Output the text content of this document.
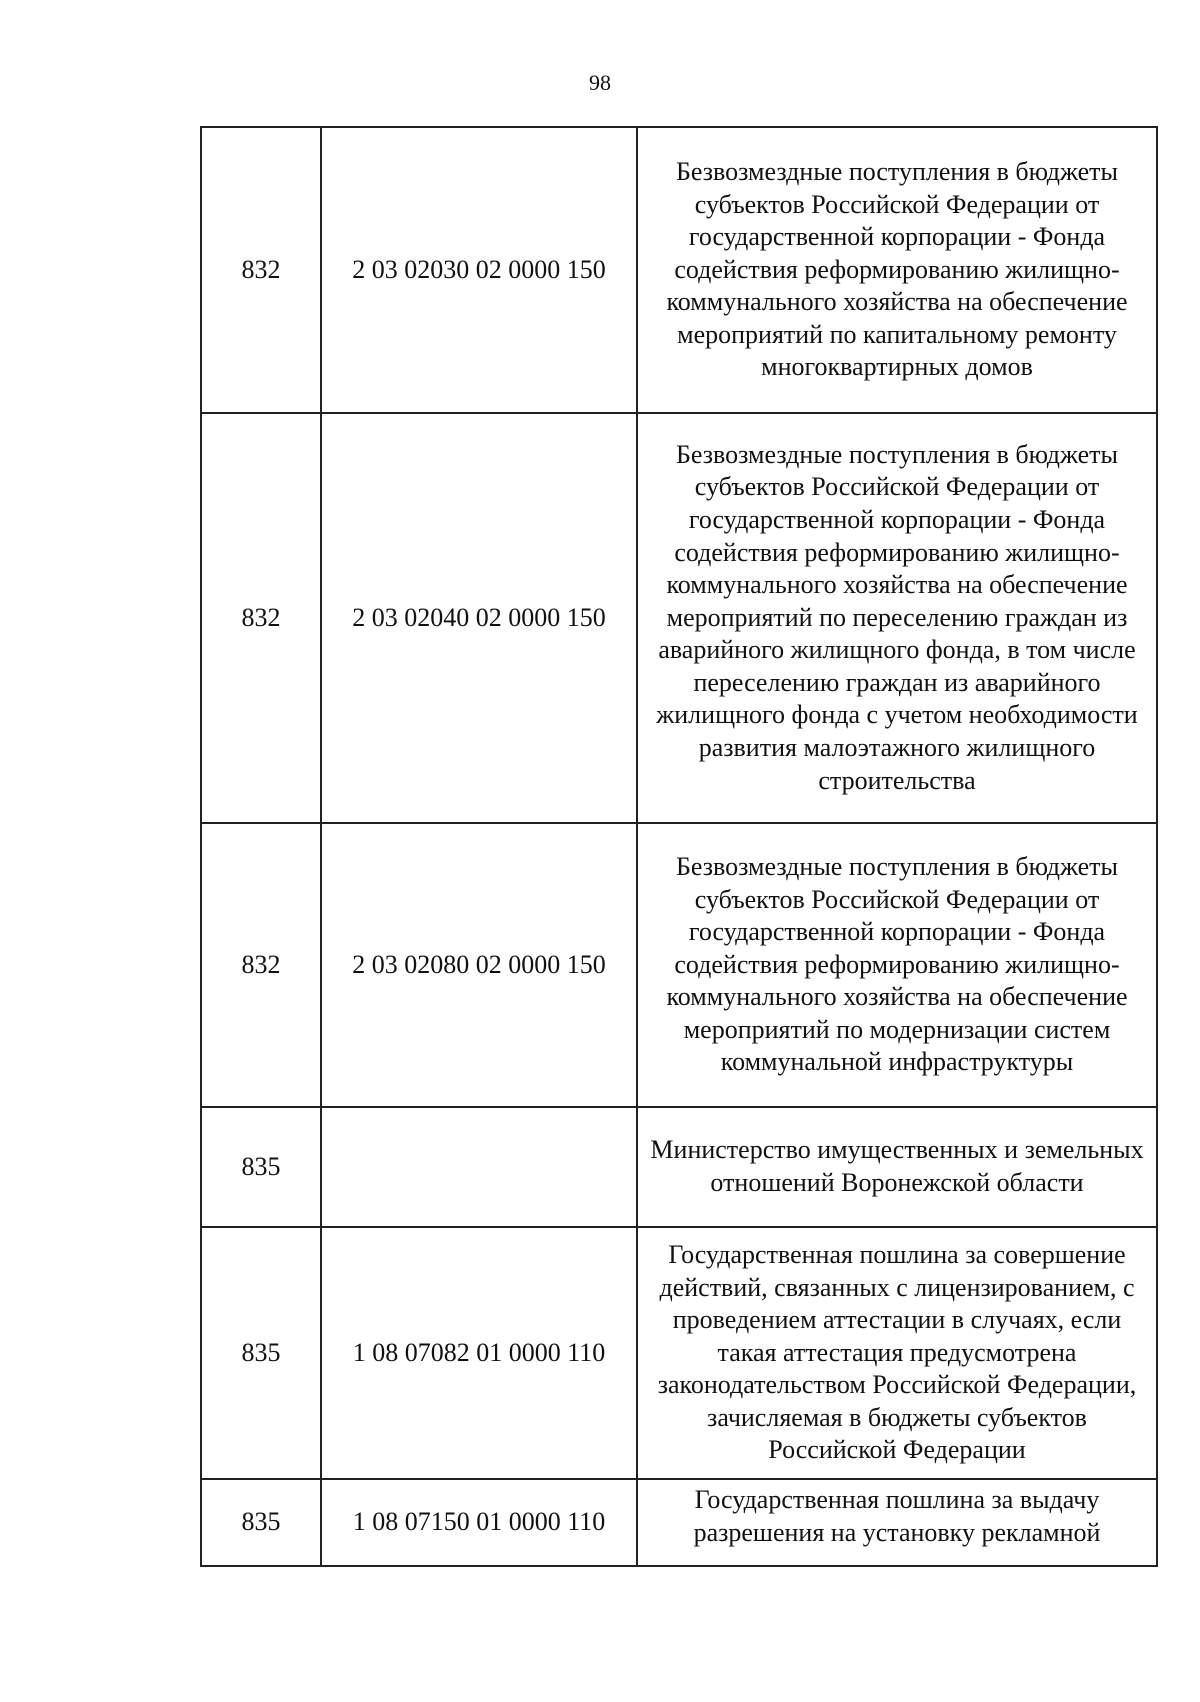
98
832	2 03 02030 02 0000 150	Безвозмездные поступления в бюджеты субъектов Российской Федерации от государственной корпорации - Фонда содействия реформированию жилищно-коммунального хозяйства на обеспечение мероприятий по капитальному ремонту многоквартирных домов
832	2 03 02040 02 0000 150	Безвозмездные поступления в бюджеты субъектов Российской Федерации от государственной корпорации - Фонда содействия реформированию жилищно-коммунального хозяйства на обеспечение мероприятий по переселению граждан из аварийного жилищного фонда, в том числе переселению граждан из аварийного жилищного фонда с учетом необходимости развития малоэтажного жилищного строительства
832	2 03 02080 02 0000 150	Безвозмездные поступления в бюджеты субъектов Российской Федерации от государственной корпорации - Фонда содействия реформированию жилищно-коммунального хозяйства на обеспечение мероприятий по модернизации систем коммунальной инфраструктуры
835		Министерство имущественных и земельных отношений Воронежской области
835	1 08 07082 01 0000 110	Государственная пошлина за совершение действий, связанных с лицензированием, с проведением аттестации в случаях, если такая аттестация предусмотрена законодательством Российской Федерации, зачисляемая в бюджеты субъектов Российской Федерации
835	1 08 07150 01 0000 110	Государственная пошлина за выдачу разрешения на установку рекламной
